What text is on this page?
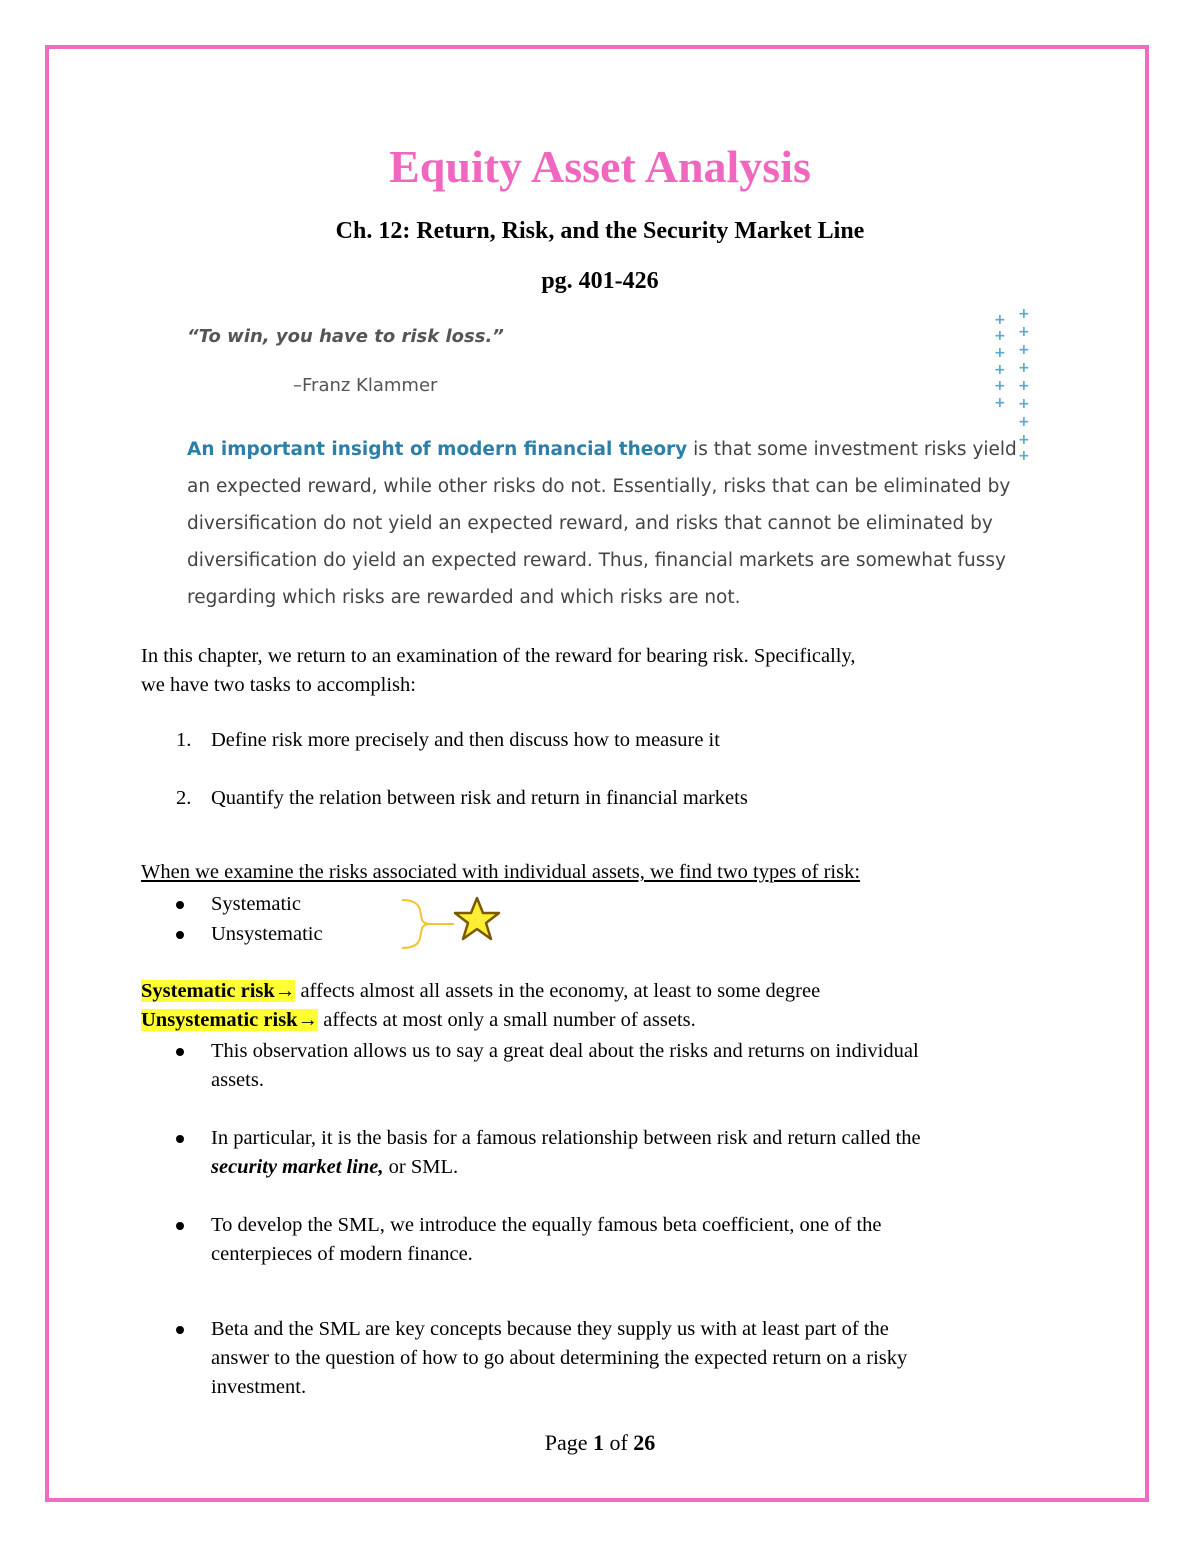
Equity Asset Analysis
Ch. 12: Return, Risk, and the Security Market Line
pg. 401-426
“To win, you have to risk loss.”
–Franz Klammer
+ +
+ +
+ +
+ +
+ +
+ +
+
+
+
An important insight of modern financial theory is that some investment risks yield an expected reward, while other risks do not. Essentially, risks that can be eliminated by diversification do not yield an expected reward, and risks that cannot be eliminated by diversification do yield an expected reward. Thus, financial markets are somewhat fussy regarding which risks are rewarded and which risks are not.
In this chapter, we return to an examination of the reward for bearing risk. Specifically,
we have two tasks to accomplish:
1. Define risk more precisely and then discuss how to measure it
2. Quantify the relation between risk and return in financial markets
When we examine the risks associated with individual assets, we find two types of risk:
Systematic
Unsystematic
Systematic risk→ affects almost all assets in the economy, at least to some degree
Unsystematic risk→ affects at most only a small number of assets.
This observation allows us to say a great deal about the risks and returns on individual
assets.
In particular, it is the basis for a famous relationship between risk and return called the
security market line, or SML.
To develop the SML, we introduce the equally famous beta coefficient, one of the
centerpieces of modern finance.
Beta and the SML are key concepts because they supply us with at least part of the
answer to the question of how to go about determining the expected return on a risky
investment.
Page 1 of 26
